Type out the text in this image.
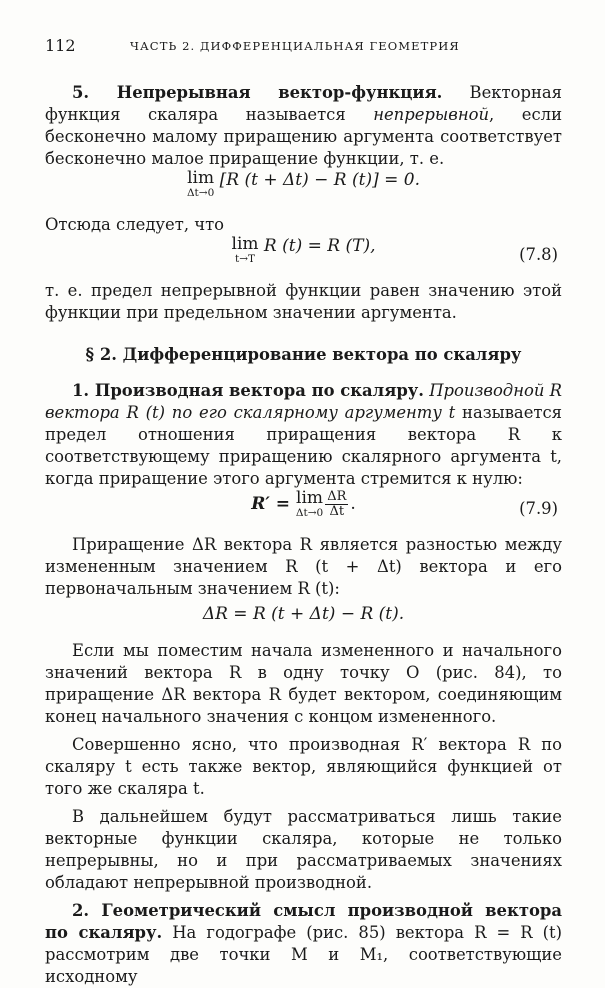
112	ЧАСТЬ 2. ДИФФЕРЕНЦИАЛЬНАЯ ГЕОМЕТРИЯ

5. Непрерывная вектор-функция. Векторная функция скаляра называется непрерывной, если бесконечно малому приращению аргумента соответствует бесконечно малое приращение функции, т. е.

lim
Δt→0
[R (t + Δt) − R (t)] = 0.

Отсюда следует, что

lim
t→T
R (t) = R (T),	(7.8)

т. е. предел непрерывной функции равен значению этой функции при предельном значении аргумента.

§ 2. Дифференцирование вектора по скаляру

1. Производная вектора по скаляру. Производной R вектора R (t) по его скалярному аргументу t называется предел отношения приращения вектора R к соответствующему приращению скалярного аргумента t, когда приращение этого аргумента стремится к нулю:

R′ = lim
$\Delta t\to 0 \frac{\Delta R}{\Delta t}$ .	(7.9)

Приращение ΔR вектора R является разностью между измененным значением R (t + Δt) вектора и его первоначальным значением R (t):

ΔR = R (t + Δt) − R (t).

Если мы поместим начала измененного и начального значений вектора R в одну точку O (рис. 84), то приращение ΔR вектора R будет вектором, соединяющим конец начального значения с концом измененного.

Совершенно ясно, что производная R′ вектора R по скаляру t есть также вектор, являющийся функцией от того же скаляра t.

В дальнейшем будут рассматриваться лишь такие векторные функции скаляра, которые не только непрерывны, но и при рассматриваемых значениях обладают непрерывной производной.

2. Геометрический смысл производной вектора по скаляру. На годографе (рис. 85) вектора R = R (t) рассмотрим две точки M и M₁, соответствующие исходному
